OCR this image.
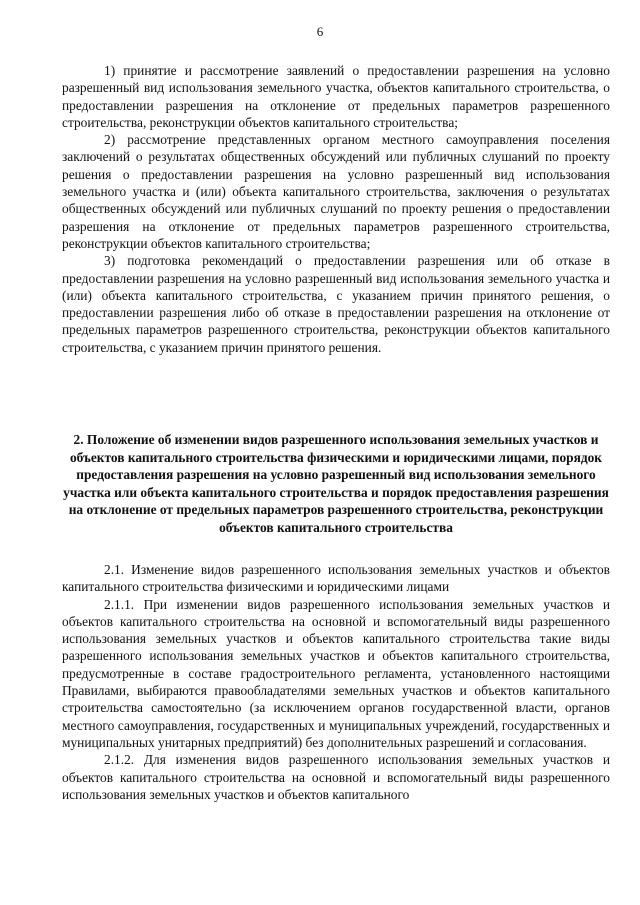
6

1) принятие и рассмотрение заявлений о предоставлении разрешения на условно разрешенный вид использования земельного участка, объектов капитального строительства, о предоставлении разрешения на отклонение от предельных параметров разрешенного строительства, реконструкции объектов капитального строительства;

2) рассмотрение представленных органом местного самоуправления поселения заключений о результатах общественных обсуждений или публичных слушаний по проекту решения о предоставлении разрешения на условно разрешенный вид использования земельного участка и (или) объекта капитального строительства, заключения о результатах общественных обсуждений или публичных слушаний по проекту решения о предоставлении разрешения на отклонение от предельных параметров разрешенного строительства, реконструкции объектов капитального строительства;

3) подготовка рекомендаций о предоставлении разрешения или об отказе в предоставлении разрешения на условно разрешенный вид использования земельного участка и (или) объекта капитального строительства, с указанием причин принятого решения, о предоставлении разрешения либо об отказе в предоставлении разрешения на отклонение от предельных параметров разрешенного строительства, реконструкции объектов капитального строительства, с указанием причин принятого решения.

2. Положение об изменении видов разрешенного использования земельных участков и объектов капитального строительства физическими и юридическими лицами, порядок предоставления разрешения на условно разрешенный вид использования земельного участка или объекта капитального строительства и порядок предоставления разрешения на отклонение от предельных параметров разрешенного строительства, реконструкции объектов капитального строительства

2.1. Изменение видов разрешенного использования земельных участков и объектов капитального строительства физическими и юридическими лицами

2.1.1. При изменении видов разрешенного использования земельных участков и объектов капитального строительства на основной и вспомогательный виды разрешенного использования земельных участков и объектов капитального строительства такие виды разрешенного использования земельных участков и объектов капитального строительства, предусмотренные в составе градостроительного регламента, установленного настоящими Правилами, выбираются правообладателями земельных участков и объектов капитального строительства самостоятельно (за исключением органов государственной власти, органов местного самоуправления, государственных и муниципальных учреждений, государственных и муниципальных унитарных предприятий) без дополнительных разрешений и согласования.

2.1.2. Для изменения видов разрешенного использования земельных участков и объектов капитального строительства на основной и вспомогательный виды разрешенного использования земельных участков и объектов капитального
